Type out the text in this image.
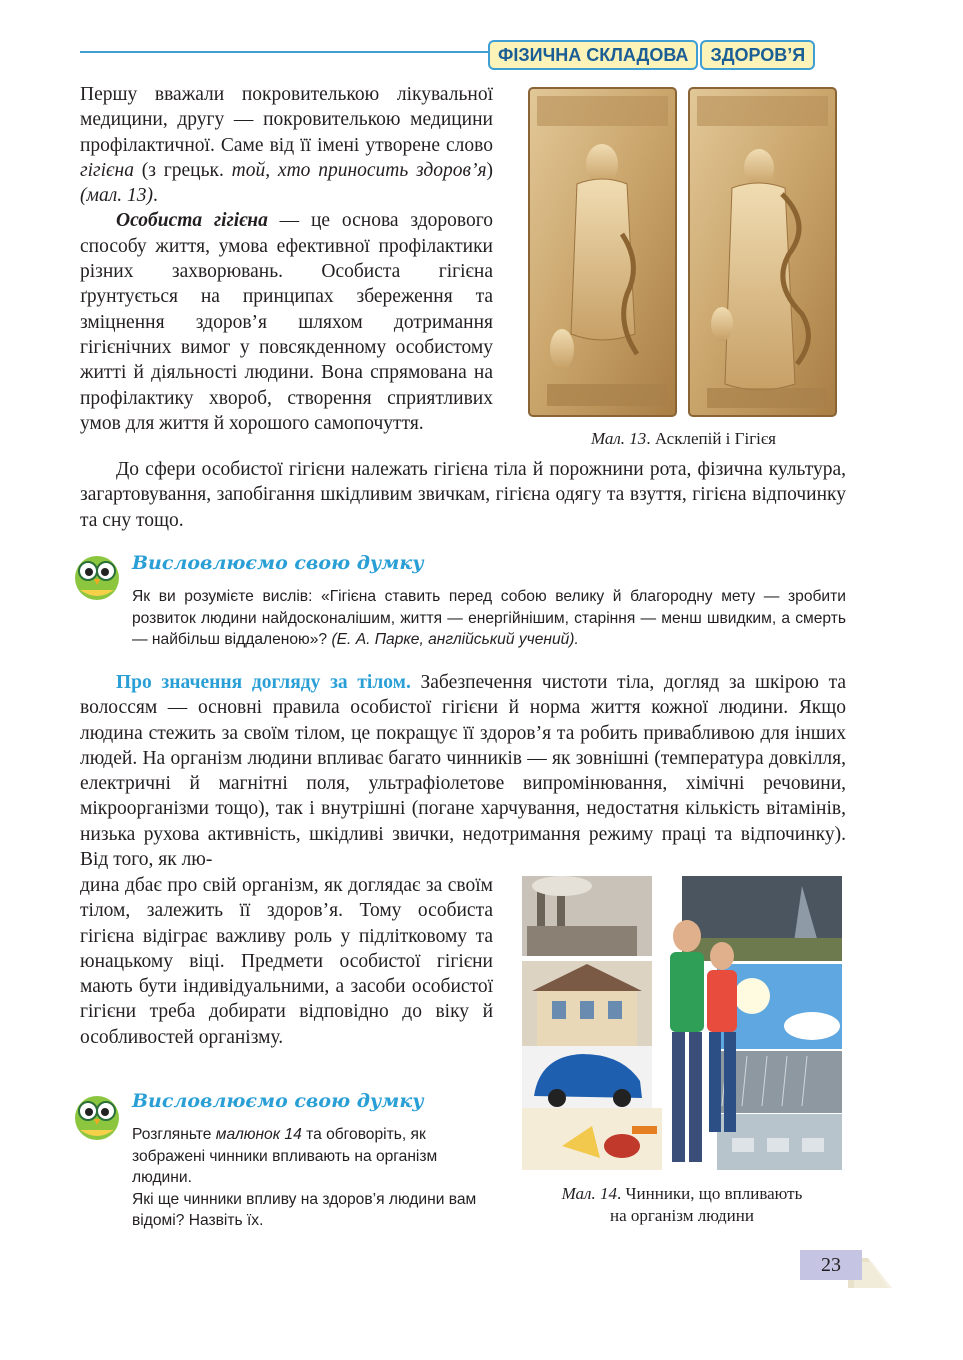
ФІЗИЧНА СКЛАДОВА	ЗДОРОВ’Я

Першу вважали покровителькою лікувальної медицини, другу — покровителькою медицини профілактичної. Саме від її імені утворене слово гігієна (з грецьк. той, хто приносить здоров’я) (мал. 13).

Особиста гігієна — це основа здорового способу життя, умова ефективної профілактики різних захворювань. Особиста гігієна ґрунтується на принципах збереження та зміцнення здоров’я шляхом дотримання гігієнічних вимог у повсякденному особистому житті й діяльності людини. Вона спрямована на профілактику хвороб, створення сприятливих умов для життя й хорошого самопочуття.

Мал. 13. Асклепій і Гігієя
До сфери особистої гігієни належать гігієна тіла й порожнини рота, фізична культура, загартовування, запобігання шкідливим звичкам, гігієна одягу та взуття, гігієна відпочинку та сну тощо.
Висловлюємо свою думку
Як ви розумієте вислів: «Гігієна ставить перед собою велику й благородну мету — зробити розвиток людини найдосконалішим, життя — енергійнішим, старіння — менш швидким, а смерть — найбільш віддаленою»? (Е. А. Парке, англійський учений).
Про значення догляду за тілом. Забезпечення чистоти тіла, догляд за шкірою та волоссям — основні правила особистої гігієни й норма життя кожної людини. Якщо людина стежить за своїм тілом, це покращує її здоров’я та робить привабливою для інших людей. На організм людини впливає багато чинників — як зовнішні (температура довкілля, електричні й магнітні поля, ультрафіолетове випромінювання, хімічні речовини, мікроорганізми тощо), так і внутрішні (погане харчування, недостатня кількість вітамінів, низька рухова активність, шкідливі звички, недотримання режиму праці та відпочинку). Від того, як лю-
дина дбає про свій організм, як доглядає за своїм тілом, залежить її здоров’я. Тому особиста гігієна відіграє важливу роль у підлітковому та юнацькому віці. Предмети особистої гігієни мають бути індивідуальними, а засоби особистої гігієни треба добирати відповідно до віку й особливостей організму.
Мал. 14. Чинники, що впливають
на організм людини
Висловлюємо свою думку

Розгляньте малюнок 14 та обговоріть, як зображені чинники впливають на організм людини.

Які ще чинники впливу на здоров’я людини вам відомі? Назвіть їх.

23
